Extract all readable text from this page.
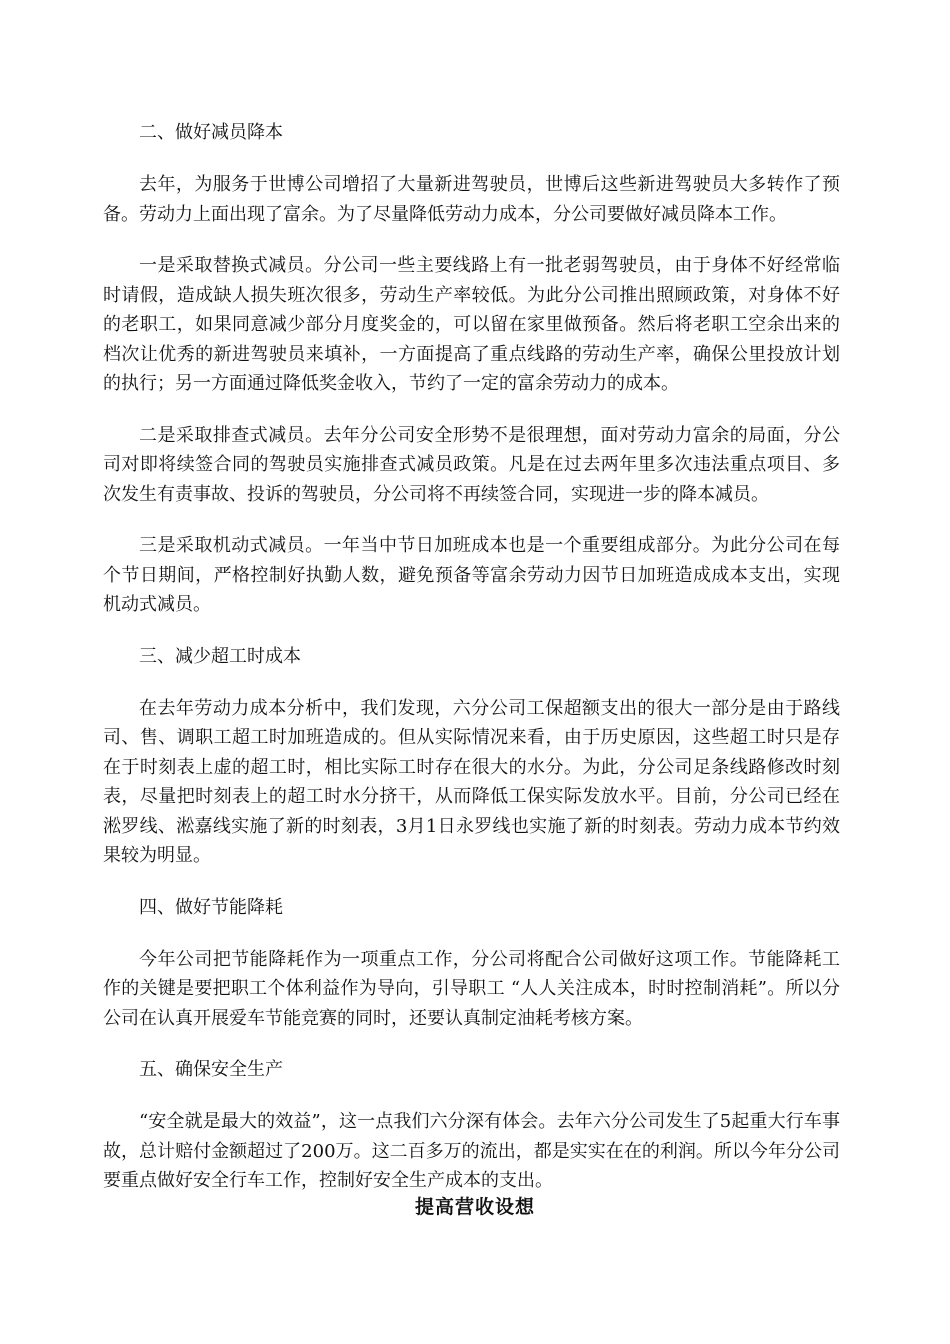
二、做好减员降本

去年，为服务于世博公司增招了大量新进驾驶员，世博后这些新进驾驶员大多转作了预备。劳动力上面出现了富余。为了尽量降低劳动力成本，分公司要做好减员降本工作。

一是采取替换式减员。分公司一些主要线路上有一批老弱驾驶员，由于身体不好经常临时请假，造成缺人损失班次很多，劳动生产率较低。为此分公司推出照顾政策，对身体不好的老职工，如果同意减少部分月度奖金的，可以留在家里做预备。然后将老职工空余出来的档次让优秀的新进驾驶员来填补，一方面提高了重点线路的劳动生产率，确保公里投放计划的执行；另一方面通过降低奖金收入，节约了一定的富余劳动力的成本。

二是采取排查式减员。去年分公司安全形势不是很理想，面对劳动力富余的局面，分公司对即将续签合同的驾驶员实施排查式减员政策。凡是在过去两年里多次违法重点项目、多次发生有责事故、投诉的驾驶员，分公司将不再续签合同，实现进一步的降本减员。

三是采取机动式减员。一年当中节日加班成本也是一个重要组成部分。为此分公司在每个节日期间，严格控制好执勤人数，避免预备等富余劳动力因节日加班造成成本支出，实现机动式减员。

三、减少超工时成本

在去年劳动力成本分析中，我们发现，六分公司工保超额支出的很大一部分是由于路线司、售、调职工超工时加班造成的。但从实际情况来看，由于历史原因，这些超工时只是存在于时刻表上虚的超工时，相比实际工时存在很大的水分。为此，分公司足条线路修改时刻表，尽量把时刻表上的超工时水分挤干，从而降低工保实际发放水平。目前，分公司已经在淞罗线、淞嘉线实施了新的时刻表，3月1日永罗线也实施了新的时刻表。劳动力成本节约效果较为明显。

四、做好节能降耗

今年公司把节能降耗作为一项重点工作，分公司将配合公司做好这项工作。节能降耗工作的关键是要把职工个体利益作为导向，引导职工 “人人关注成本，时时控制消耗”。所以分公司在认真开展爱车节能竞赛的同时，还要认真制定油耗考核方案。

五、确保安全生产

“安全就是最大的效益”，这一点我们六分深有体会。去年六分公司发生了5起重大行车事故，总计赔付金额超过了200万。这二百多万的流出，都是实实在在的利润。所以今年分公司要重点做好安全行车工作，控制好安全生产成本的支出。

提高营收设想
